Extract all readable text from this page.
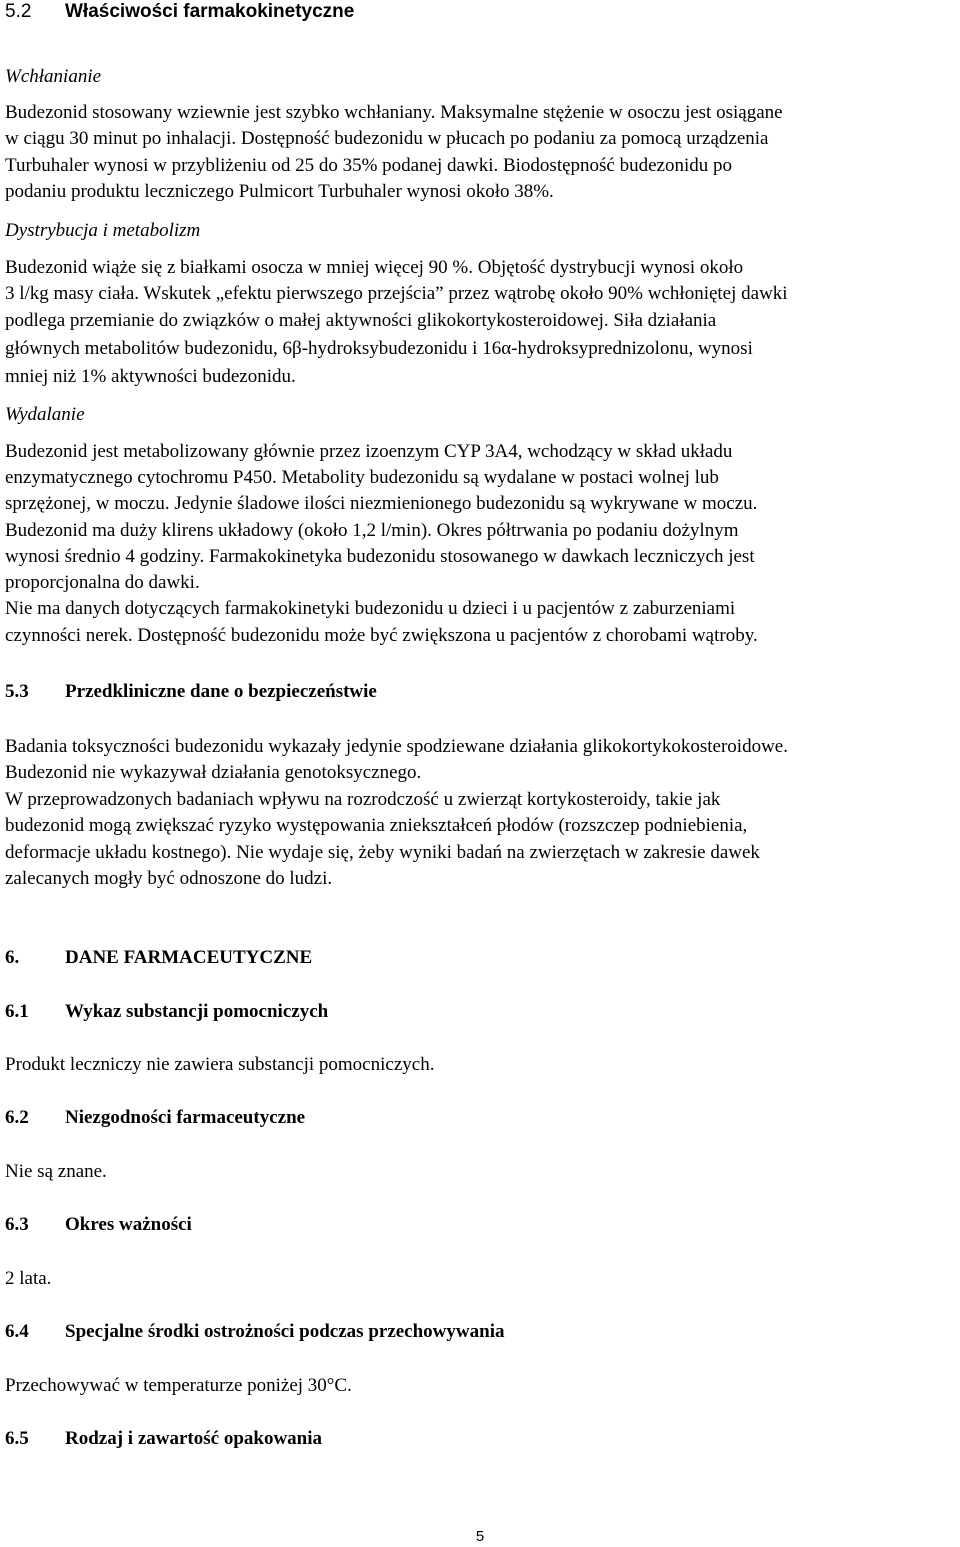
5.2 Właściwości farmakokinetyczne
Wchłanianie
Budezonid stosowany wziewnie jest szybko wchłaniany. Maksymalne stężenie w osoczu jest osiągane
w ciągu 30 minut po inhalacji. Dostępność budezonidu w płucach po podaniu za pomocą urządzenia
Turbuhaler wynosi w przybliżeniu od 25 do 35% podanej dawki. Biodostępność budezonidu po
podaniu produktu leczniczego Pulmicort Turbuhaler wynosi około 38%.
Dystrybucja i metabolizm
Budezonid wiąże się z białkami osocza w mniej więcej 90 %. Objętość dystrybucji wynosi około
3 l/kg masy ciała. Wskutek „efektu pierwszego przejścia” przez wątrobę około 90% wchłoniętej dawki
podlega przemianie do związków o małej aktywności glikokortykosteroidowej. Siła działania
głównych metabolitów budezonidu, 6β-hydroksybudezonidu i 16α-hydroksyprednizolonu, wynosi
mniej niż 1% aktywności budezonidu.
Wydalanie
Budezonid jest metabolizowany głównie przez izoenzym CYP 3A4, wchodzący w skład układu
enzymatycznego cytochromu P450. Metabolity budezonidu są wydalane w postaci wolnej lub
sprzężonej, w moczu. Jedynie śladowe ilości niezmienionego budezonidu są wykrywane w moczu.
Budezonid ma duży klirens układowy (około 1,2 l/min). Okres półtrwania po podaniu dożylnym
wynosi średnio 4 godziny. Farmakokinetyka budezonidu stosowanego w dawkach leczniczych jest
proporcjonalna do dawki.
Nie ma danych dotyczących farmakokinetyki budezonidu u dzieci i u pacjentów z zaburzeniami
czynności nerek. Dostępność budezonidu może być zwiększona u pacjentów z chorobami wątroby.
5.3 Przedkliniczne dane o bezpieczeństwie
Badania toksyczności budezonidu wykazały jedynie spodziewane działania glikokortykokosteroidowe.
Budezonid nie wykazywał działania genotoksycznego.
W przeprowadzonych badaniach wpływu na rozrodczość u zwierząt kortykosteroidy, takie jak
budezonid mogą zwiększać ryzyko występowania zniekształceń płodów (rozszczep podniebienia,
deformacje układu kostnego). Nie wydaje się, żeby wyniki badań na zwierzętach w zakresie dawek
zalecanych mogły być odnoszone do ludzi.
6. DANE FARMACEUTYCZNE
6.1 Wykaz substancji pomocniczych
Produkt leczniczy nie zawiera substancji pomocniczych.
6.2 Niezgodności farmaceutyczne
Nie są znane.
6.3 Okres ważności
2 lata.
6.4 Specjalne środki ostrożności podczas przechowywania
Przechowywać w temperaturze poniżej 30°C.
6.5 Rodzaj i zawartość opakowania
5
